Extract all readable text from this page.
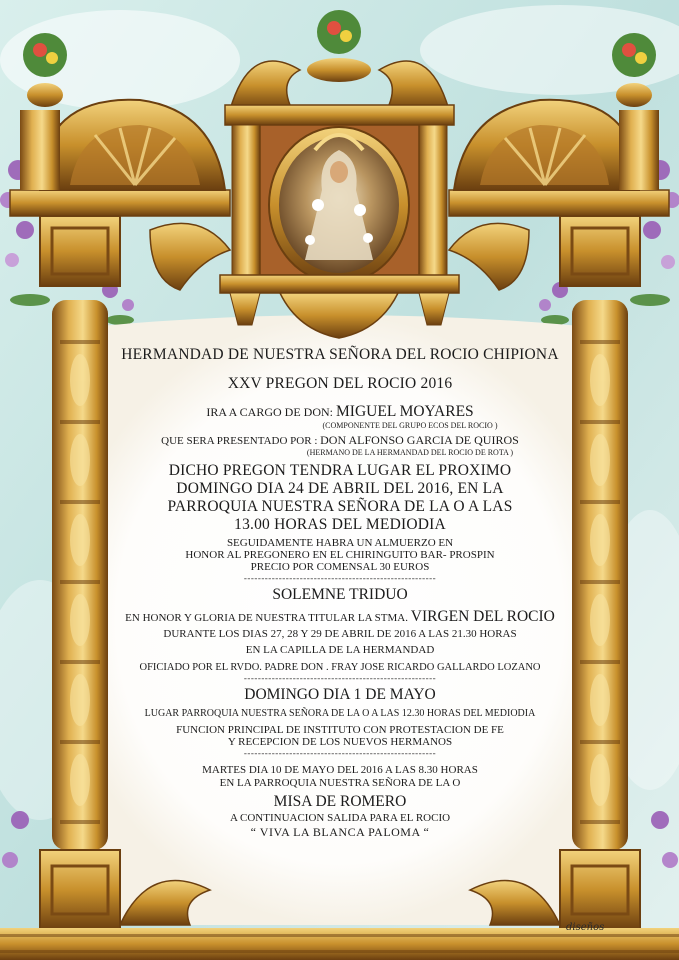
HERMANDAD DE NUESTRA SEÑORA DEL ROCIO CHIPIONA
XXV PREGON DEL ROCIO 2016
IRA A CARGO DE DON: MIGUEL MOYARES
(COMPONENTE DEL GRUPO ECOS DEL ROCIO )
QUE SERA PRESENTADO POR : DON ALFONSO GARCIA DE QUIROS
(HERMANO DE LA HERMANDAD DEL ROCIO DE ROTA )
DICHO PREGON TENDRA LUGAR EL PROXIMO
DOMINGO DIA 24 DE ABRIL DEL 2016, EN LA
PARROQUIA NUESTRA SEÑORA DE LA O A LAS
13.00 HORAS DEL MEDIODIA
SEGUIDAMENTE HABRA UN ALMUERZO EN
HONOR AL PREGONERO EN EL CHIRINGUITO BAR- PROSPIN
PRECIO POR COMENSAL 30 EUROS
-------------------------------------------------------
SOLEMNE TRIDUO
EN HONOR Y GLORIA DE NUESTRA TITULAR LA STMA. VIRGEN DEL ROCIO
DURANTE LOS DIAS 27, 28 Y 29 DE ABRIL DE 2016 A LAS 21.30 HORAS
EN LA CAPILLA DE LA HERMANDAD
OFICIADO POR EL RVDO. PADRE DON . FRAY JOSE RICARDO GALLARDO LOZANO
-------------------------------------------------------
DOMINGO DIA 1 DE MAYO
LUGAR PARROQUIA NUESTRA SEÑORA DE LA O A LAS 12.30 HORAS DEL MEDIODIA
FUNCION PRINCIPAL DE INSTITUTO CON PROTESTACION DE FE
Y RECEPCION DE LOS NUEVOS HERMANOS
-------------------------------------------------------
MARTES DIA 10 DE MAYO DEL 2016 A LAS 8.30 HORAS
EN LA PARROQUIA NUESTRA SEÑORA DE LA O
MISA DE ROMERO
A CONTINUACION SALIDA PARA EL ROCIO
“ VIVA LA BLANCA PALOMA “
diseños
